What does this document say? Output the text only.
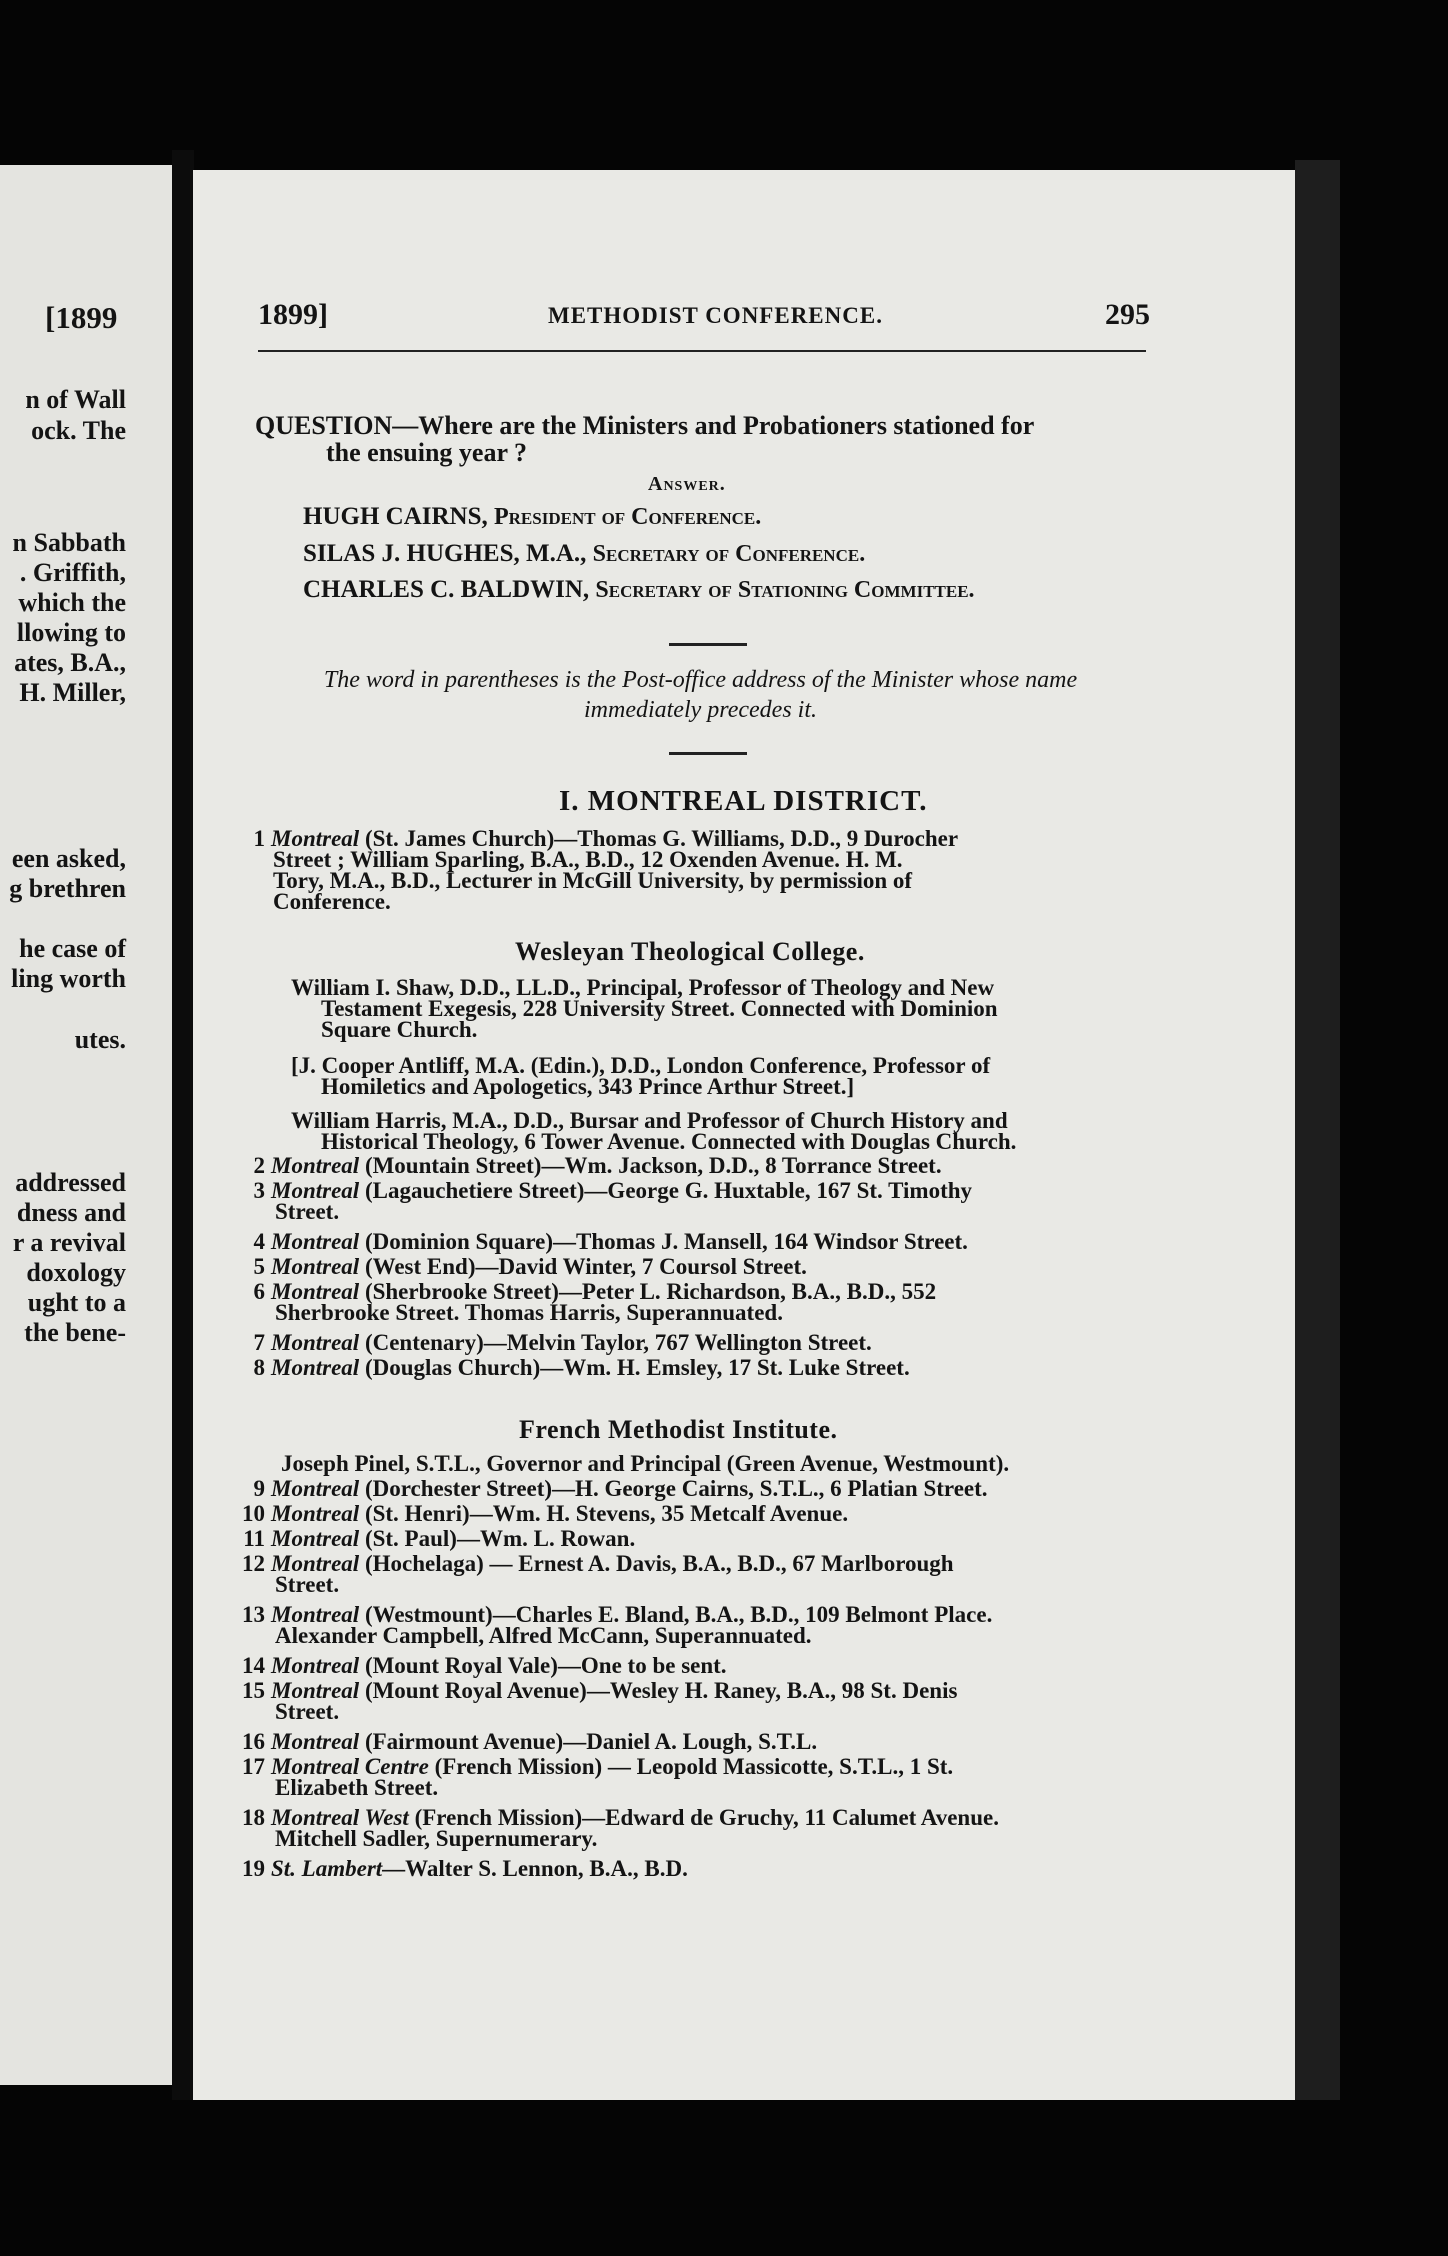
[1899
n of Wall
ock. The
n Sabbath
. Griffith,
which the
llowing to
ates, B.A.,
H. Miller,
een asked,
g brethren
he case of
ling worth
utes.
addressed
dness and
r a revival
doxology
ught to a
the bene-
1899]	METHODIST CONFERENCE.	295
QUESTION—Where are the Ministers and Probationers stationed for
the ensuing year ?
Answer.
HUGH CAIRNS, President of Conference.
SILAS J. HUGHES, M.A., Secretary of Conference.
CHARLES C. BALDWIN, Secretary of Stationing Committee.
The word in parentheses is the Post-office address of the Minister whose name
immediately precedes it.
I. MONTREAL DISTRICT.
1 Montreal (St. James Church)—Thomas G. Williams, D.D., 9 Durocher
Street ; William Sparling, B.A., B.D., 12 Oxenden Avenue. H. M.
Tory, M.A., B.D., Lecturer in McGill University, by permission of
Conference.
Wesleyan Theological College.
William I. Shaw, D.D., LL.D., Principal, Professor of Theology and New
Testament Exegesis, 228 University Street. Connected with Dominion
Square Church.
[J. Cooper Antliff, M.A. (Edin.), D.D., London Conference, Professor of
Homiletics and Apologetics, 343 Prince Arthur Street.]
William Harris, M.A., D.D., Bursar and Professor of Church History and
Historical Theology, 6 Tower Avenue. Connected with Douglas Church.
2 Montreal (Mountain Street)—Wm. Jackson, D.D., 8 Torrance Street.
3 Montreal (Lagauchetiere Street)—George G. Huxtable, 167 St. Timothy
Street.
4 Montreal (Dominion Square)—Thomas J. Mansell, 164 Windsor Street.
5 Montreal (West End)—David Winter, 7 Coursol Street.
6 Montreal (Sherbrooke Street)—Peter L. Richardson, B.A., B.D., 552
Sherbrooke Street. Thomas Harris, Superannuated.
7 Montreal (Centenary)—Melvin Taylor, 767 Wellington Street.
8 Montreal (Douglas Church)—Wm. H. Emsley, 17 St. Luke Street.
French Methodist Institute.
Joseph Pinel, S.T.L., Governor and Principal (Green Avenue, Westmount).
9 Montreal (Dorchester Street)—H. George Cairns, S.T.L., 6 Platian Street.
10 Montreal (St. Henri)—Wm. H. Stevens, 35 Metcalf Avenue.
11 Montreal (St. Paul)—Wm. L. Rowan.
12 Montreal (Hochelaga) — Ernest A. Davis, B.A., B.D., 67 Marlborough
Street.
13 Montreal (Westmount)—Charles E. Bland, B.A., B.D., 109 Belmont Place.
Alexander Campbell, Alfred McCann, Superannuated.
14 Montreal (Mount Royal Vale)—One to be sent.
15 Montreal (Mount Royal Avenue)—Wesley H. Raney, B.A., 98 St. Denis
Street.
16 Montreal (Fairmount Avenue)—Daniel A. Lough, S.T.L.
17 Montreal Centre (French Mission) — Leopold Massicotte, S.T.L., 1 St.
Elizabeth Street.
18 Montreal West (French Mission)—Edward de Gruchy, 11 Calumet Avenue.
Mitchell Sadler, Supernumerary.
19 St. Lambert—Walter S. Lennon, B.A., B.D.
